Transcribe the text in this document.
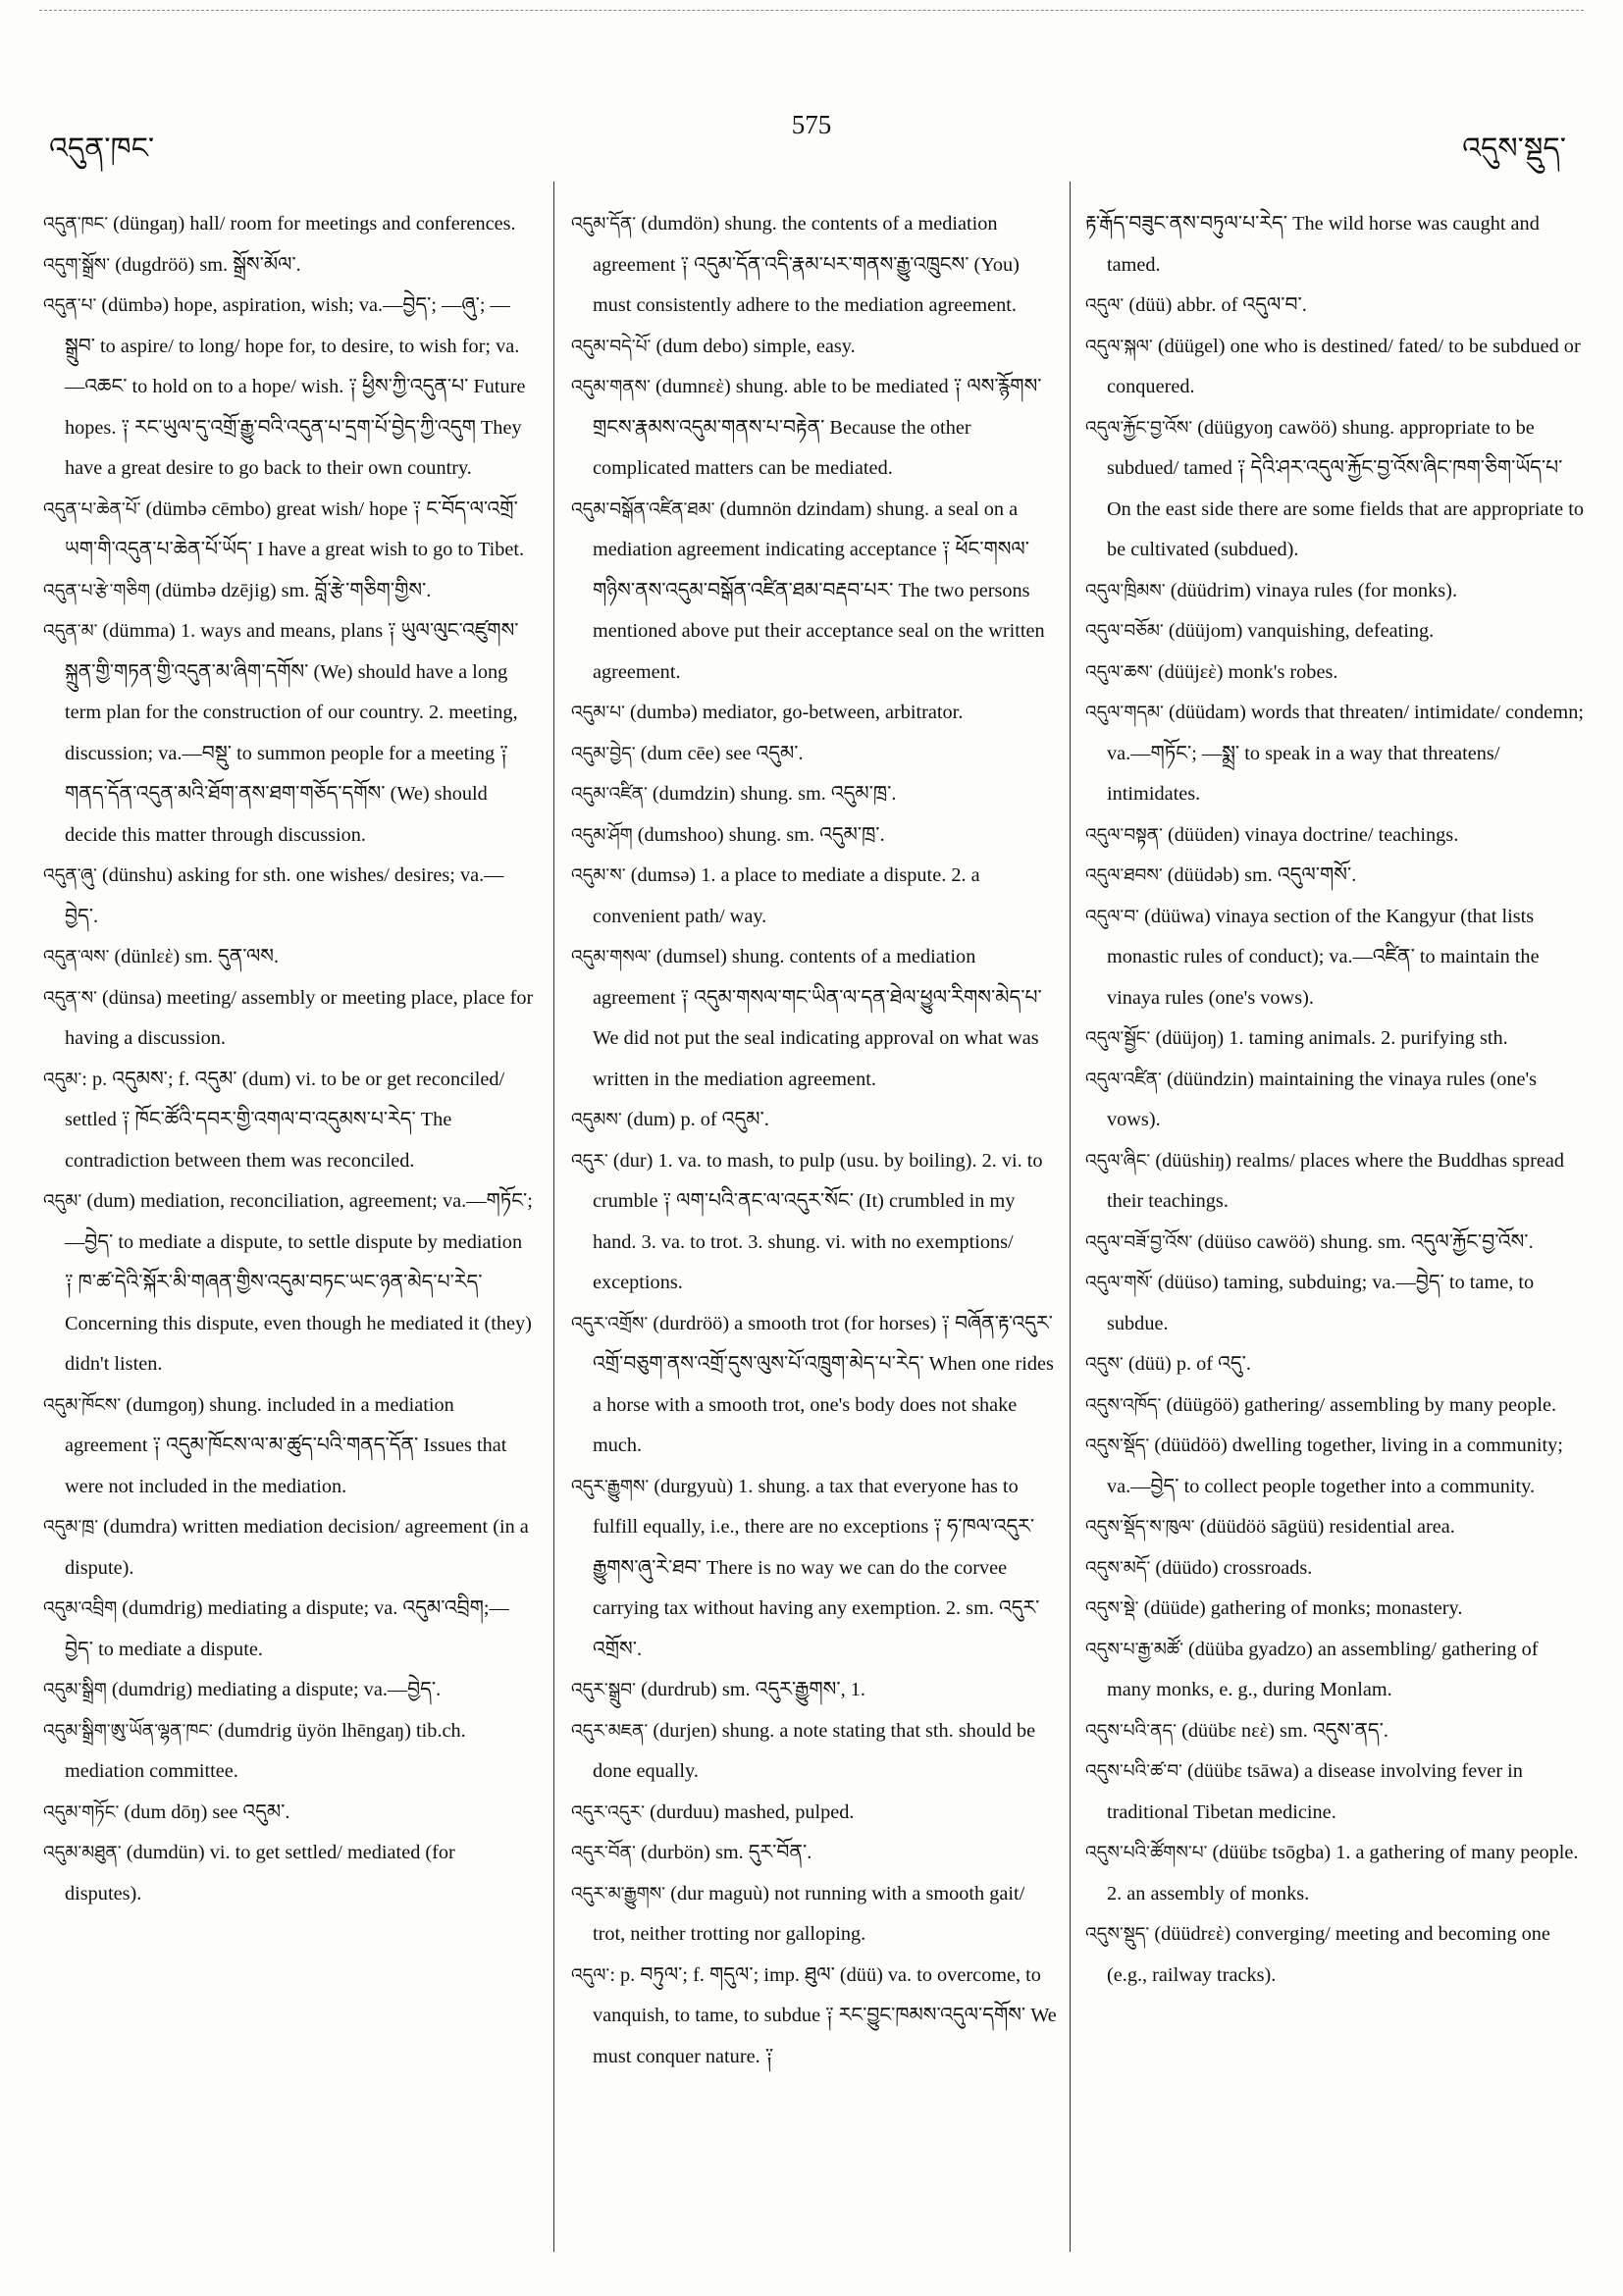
འདུན་ཁང་
575
འདུས་སྡུད་

འདུན་ཁང་ (düngaŋ) hall/ room for meetings and conferences.

འདུག་སྒྲོས་ (dugdröö) sm. སྒྲོས་མོལ་.

འདུན་པ་ (dümbə) hope, aspiration, wish; va.—བྱེད་; —ཞུ་; —སྒྲུབ་ to aspire/ to long/ hope for, to desire, to wish for; va.—འཆང་ to hold on to a hope/ wish. ༑ ཕྱིས་ཀྱི་འདུན་པ་ Future hopes. ༑ རང་ཡུལ་དུ་འགྲོ་རྒྱུ་བའི་འདུན་པ་དྲག་པོ་བྱེད་ཀྱི་འདུག They have a great desire to go back to their own country.

འདུན་པ་ཆེན་པོ་ (dümbə cēmbo) great wish/ hope ༑ ང་བོད་ལ་འགྲོ་ཡག་གི་འདུན་པ་ཆེན་པོ་ཡོད་ I have a great wish to go to Tibet.

འདུན་པ་རྩེ་གཅིག (dümbə dzējig) sm. བློ་རྩེ་གཅིག་གྱིས་.

འདུན་མ་ (dümma) 1. ways and means, plans ༑ ཡུལ་ལུང་འཛུགས་སྐྲུན་གྱི་གཏན་གྱི་འདུན་མ་ཞིག་དགོས་ (We) should have a long term plan for the construction of our country. 2. meeting, discussion; va.—བསྡུ་ to summon people for a meeting ༑ གནད་དོན་འདུན་མའི་ཐོག་ནས་ཐག་གཅོད་དགོས་ (We) should decide this matter through discussion.

འདུན་ཞུ་ (dünshu) asking for sth. one wishes/ desires; va.—བྱེད་.

འདུན་ལས་ (dünlεὲ) sm. དུན་ལས.

འདུན་ས་ (dünsa) meeting/ assembly or meeting place, place for having a discussion.

འདུམ་: p. འདུམས་; f. འདུམ་ (dum) vi. to be or get reconciled/ settled ༑ ཁོང་ཚོའི་དབར་གྱི་འགལ་བ་འདུམས་པ་རེད་ The contradiction between them was reconciled.

འདུམ་ (dum) mediation, reconciliation, agreement; va.—གཏོང་; —བྱེད་ to mediate a dispute, to settle dispute by mediation ༑ ཁ་ཚ་དེའི་སྐོར་མི་གཞན་གྱིས་འདུམ་བཏང་ཡང་ཉན་མེད་པ་རེད་ Concerning this dispute, even though he mediated it (they) didn't listen.

འདུམ་ཁོངས་ (dumgoŋ) shung. included in a mediation agreement ༑ འདུམ་ཁོངས་ལ་མ་ཚུད་པའི་གནད་དོན་ Issues that were not included in the mediation.

འདུམ་ཁྲ་ (dumdra) written mediation decision/ agreement (in a dispute).

འདུམ་འབྲིག (dumdrig) mediating a dispute; va. འདུམ་འབྲིག;—བྱེད་ to mediate a dispute.

འདུམ་སྒྲིག (dumdrig) mediating a dispute; va.—བྱེད་.

འདུམ་སྒྲིག་ཨུ་ཡོན་ལྷན་ཁང་ (dumdrig üyön lhēngaŋ) tib.ch. mediation committee.

འདུམ་གཏོང་ (dum dōŋ) see འདུམ་.

འདུམ་མཐུན་ (dumdün) vi. to get settled/ mediated (for disputes).

འདུམ་དོན་ (dumdön) shung. the contents of a mediation agreement ༑ འདུམ་དོན་འདི་རྣམ་པར་གནས་རྒྱུ་འཁྲུངས་ (You) must consistently adhere to the mediation agreement.

འདུམ་བདེ་པོ་ (dum debo) simple, easy.

འདུམ་གནས་ (dumnεὲ) shung. able to be mediated ༑ ལས་རྙོགས་གྲངས་རྣམས་འདུམ་གནས་པ་བརྟེན་ Because the other complicated matters can be mediated.

འདུམ་བསྒོན་འཛིན་ཐམ་ (dumnön dzindam) shung. a seal on a mediation agreement indicating acceptance ༑ ཕོང་གསལ་གཉིས་ནས་འདུམ་བསྒོན་འཛིན་ཐམ་བརྡབ་པར་ The two persons mentioned above put their acceptance seal on the written agreement.

འདུམ་པ་ (dumbə) mediator, go-between, arbitrator.

འདུམ་བྱེད་ (dum cēe) see འདུམ་.

འདུམ་འཛིན་ (dumdzin) shung. sm. འདུམ་ཁྲ་.

འདུམ་ཤོག (dumshoo) shung. sm. འདུམ་ཁྲ་.

འདུམ་ས་ (dumsə) 1. a place to mediate a dispute. 2. a convenient path/ way.

འདུམ་གསལ་ (dumsel) shung. contents of a mediation agreement ༑ འདུམ་གསལ་གང་ཡིན་ལ་དན་ཐེལ་ཕྱུལ་རིགས་མེད་པ་ We did not put the seal indicating approval on what was written in the mediation agreement.

འདུམས་ (dum) p. of འདུམ་.

འདུར་ (dur) 1. va. to mash, to pulp (usu. by boiling). 2. vi. to crumble ༑ ལག་པའི་ནང་ལ་འདུར་སོང་ (It) crumbled in my hand. 3. va. to trot. 3. shung. vi. with no exemptions/ exceptions.

འདུར་འགྲོས་ (durdröö) a smooth trot (for horses) ༑ བཞོན་རྟ་འདུར་འགྲོ་བཅུག་ནས་འགྲོ་དུས་ལུས་པོ་འཁྲུག་མེད་པ་རེད་ When one rides a horse with a smooth trot, one's body does not shake much.

འདུར་རྒྱུགས་ (durgyuù) 1. shung. a tax that everyone has to fulfill equally, i.e., there are no exceptions ༑ ཧ་ཁལ་འདུར་རྒྱུགས་ཞུ་རེ་ཐབ་ There is no way we can do the corvee carrying tax without having any exemption. 2. sm. འདུར་འགྲོས་.

འདུར་སྒྲུབ་ (durdrub) sm. འདུར་རྒྱུགས་, 1.

འདུར་མཇན་ (durjen) shung. a note stating that sth. should be done equally.

འདུར་འདུར་ (durduu) mashed, pulped.

འདུར་བོན་ (durbön) sm. དུར་བོན་.

འདུར་མ་རྒྱུགས་ (dur maguù) not running with a smooth gait/ trot, neither trotting nor galloping.

འདུལ་: p. བཏུལ་; f. གདུལ་; imp. ཐུལ་ (düü) va. to overcome, to vanquish, to tame, to subdue ༑ རང་བྱུང་ཁམས་འདུལ་དགོས་ We must conquer nature. ༑

རྟ་རྒོད་བཟུང་ནས་བཏུལ་པ་རེད་ The wild horse was caught and tamed.

འདུལ་ (düü) abbr. of འདུལ་བ་.

འདུལ་སྐལ་ (düügel) one who is destined/ fated/ to be subdued or conquered.

འདུལ་རྐྱོང་བྱ་འོས་ (düügyoŋ cawöö) shung. appropriate to be subdued/ tamed ༑ དེའི་ཤར་འདུལ་རྐྱོང་བྱ་འོས་ཞིང་ཁག་ཅིག་ཡོད་པ་ On the east side there are some fields that are appropriate to be cultivated (subdued).

འདུལ་ཁྲིམས་ (düüdrim) vinaya rules (for monks).

འདུལ་བཅོམ་ (düüjom) vanquishing, defeating.

འདུལ་ཆས་ (düüjεὲ) monk's robes.

འདུལ་གདམ་ (düüdam) words that threaten/ intimidate/ condemn; va.—གཏོང་; —སྨྲ་ to speak in a way that threatens/ intimidates.

འདུལ་བསྟན་ (düüden) vinaya doctrine/ teachings.

འདུལ་ཐབས་ (düüdəb) sm. འདུལ་གསོ་.

འདུལ་བ་ (düüwa) vinaya section of the Kangyur (that lists monastic rules of conduct); va.—འཛིན་ to maintain the vinaya rules (one's vows).

འདུལ་སྦྱོང་ (düüjoŋ) 1. taming animals. 2. purifying sth.

འདུལ་འཛིན་ (düündzin) maintaining the vinaya rules (one's vows).

འདུལ་ཞིང་ (düüshiŋ) realms/ places where the Buddhas spread their teachings.

འདུལ་བཟོ་བྱ་འོས་ (düüso cawöö) shung. sm. འདུལ་རྐྱོང་བྱ་འོས་.

འདུལ་གསོ་ (düüso) taming, subduing; va.—བྱེད་ to tame, to subdue.

འདུས་ (düü) p. of འདུ་.

འདུས་འཁོད་ (düügöö) gathering/ assembling by many people.

འདུས་སྡོད་ (düüdöö) dwelling together, living in a community; va.—བྱེད་ to collect people together into a community.

འདུས་སྡོད་ས་ཁུལ་ (düüdöö sāgüü) residential area.

འདུས་མདོ་ (düüdo) crossroads.

འདུས་སྡེ་ (düüde) gathering of monks; monastery.

འདུས་པ་རྒྱ་མཚོ་ (düüba gyadzo) an assembling/ gathering of many monks, e. g., during Monlam.

འདུས་པའི་ནད་ (düübε nεὲ) sm. འདུས་ནད་.

འདུས་པའི་ཚ་བ་ (düübε tsāwa) a disease involving fever in traditional Tibetan medicine.

འདུས་པའི་ཚོགས་པ་ (düübε tsōgba) 1. a gathering of many people. 2. an assembly of monks.

འདུས་སྡུད་ (düüdrεὲ) converging/ meeting and becoming one (e.g., railway tracks).
